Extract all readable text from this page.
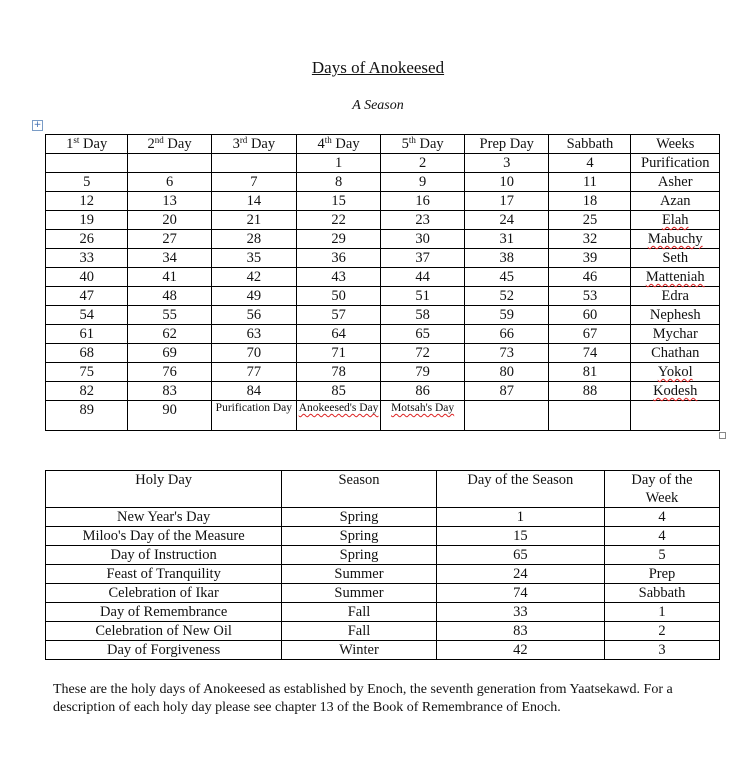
Days of Anokeesed
A Season
+
1st Day	2nd Day	3rd Day	4th Day	5th Day	Prep Day	Sabbath	Weeks
			1	2	3	4	Purification
5	6	7	8	9	10	11	Asher
12	13	14	15	16	17	18	Azan
19	20	21	22	23	24	25	Elah
26	27	28	29	30	31	32	Mabuchy
33	34	35	36	37	38	39	Seth
40	41	42	43	44	45	46	Matteniah
47	48	49	50	51	52	53	Edra
54	55	56	57	58	59	60	Nephesh
61	62	63	64	65	66	67	Mychar
68	69	70	71	72	73	74	Chathan
75	76	77	78	79	80	81	Yokol
82	83	84	85	86	87	88	Kodesh
89	90	Purification Day	Anokeesed's Day	Motsah's Day			
Holy Day	Season	Day of the Season	Day of the Week
New Year's Day	Spring	1	4
Miloo's Day of the Measure	Spring	15	4
Day of Instruction	Spring	65	5
Feast of Tranquility	Summer	24	Prep
Celebration of Ikar	Summer	74	Sabbath
Day of Remembrance	Fall	33	1
Celebration of New Oil	Fall	83	2
Day of Forgiveness	Winter	42	3
These are the holy days of Anokeesed as established by Enoch, the seventh generation from Yaatsekawd. For a description of each holy day please see chapter 13 of the Book of Remembrance of Enoch.
